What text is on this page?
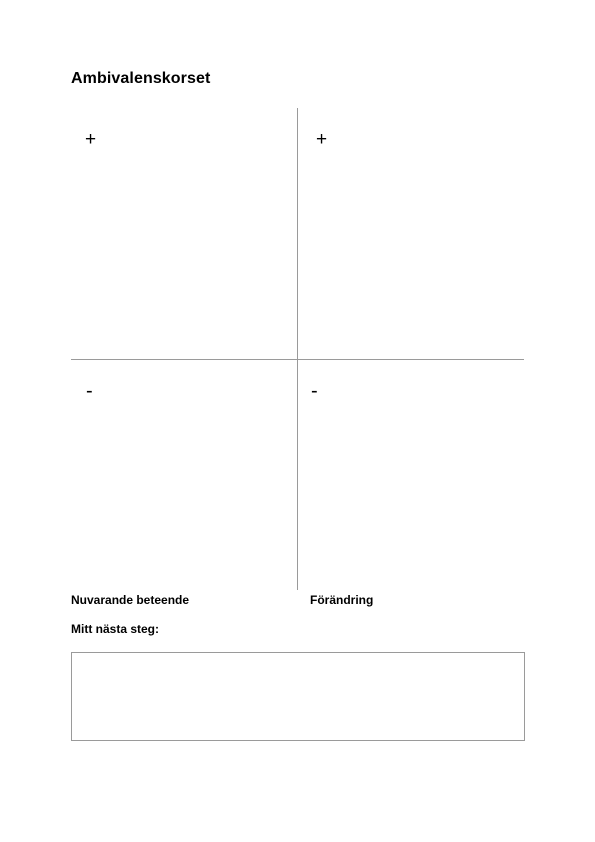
Ambivalenskorset
+	+
-	-
Nuvarande beteende	Förändring
Mitt nästa steg:
